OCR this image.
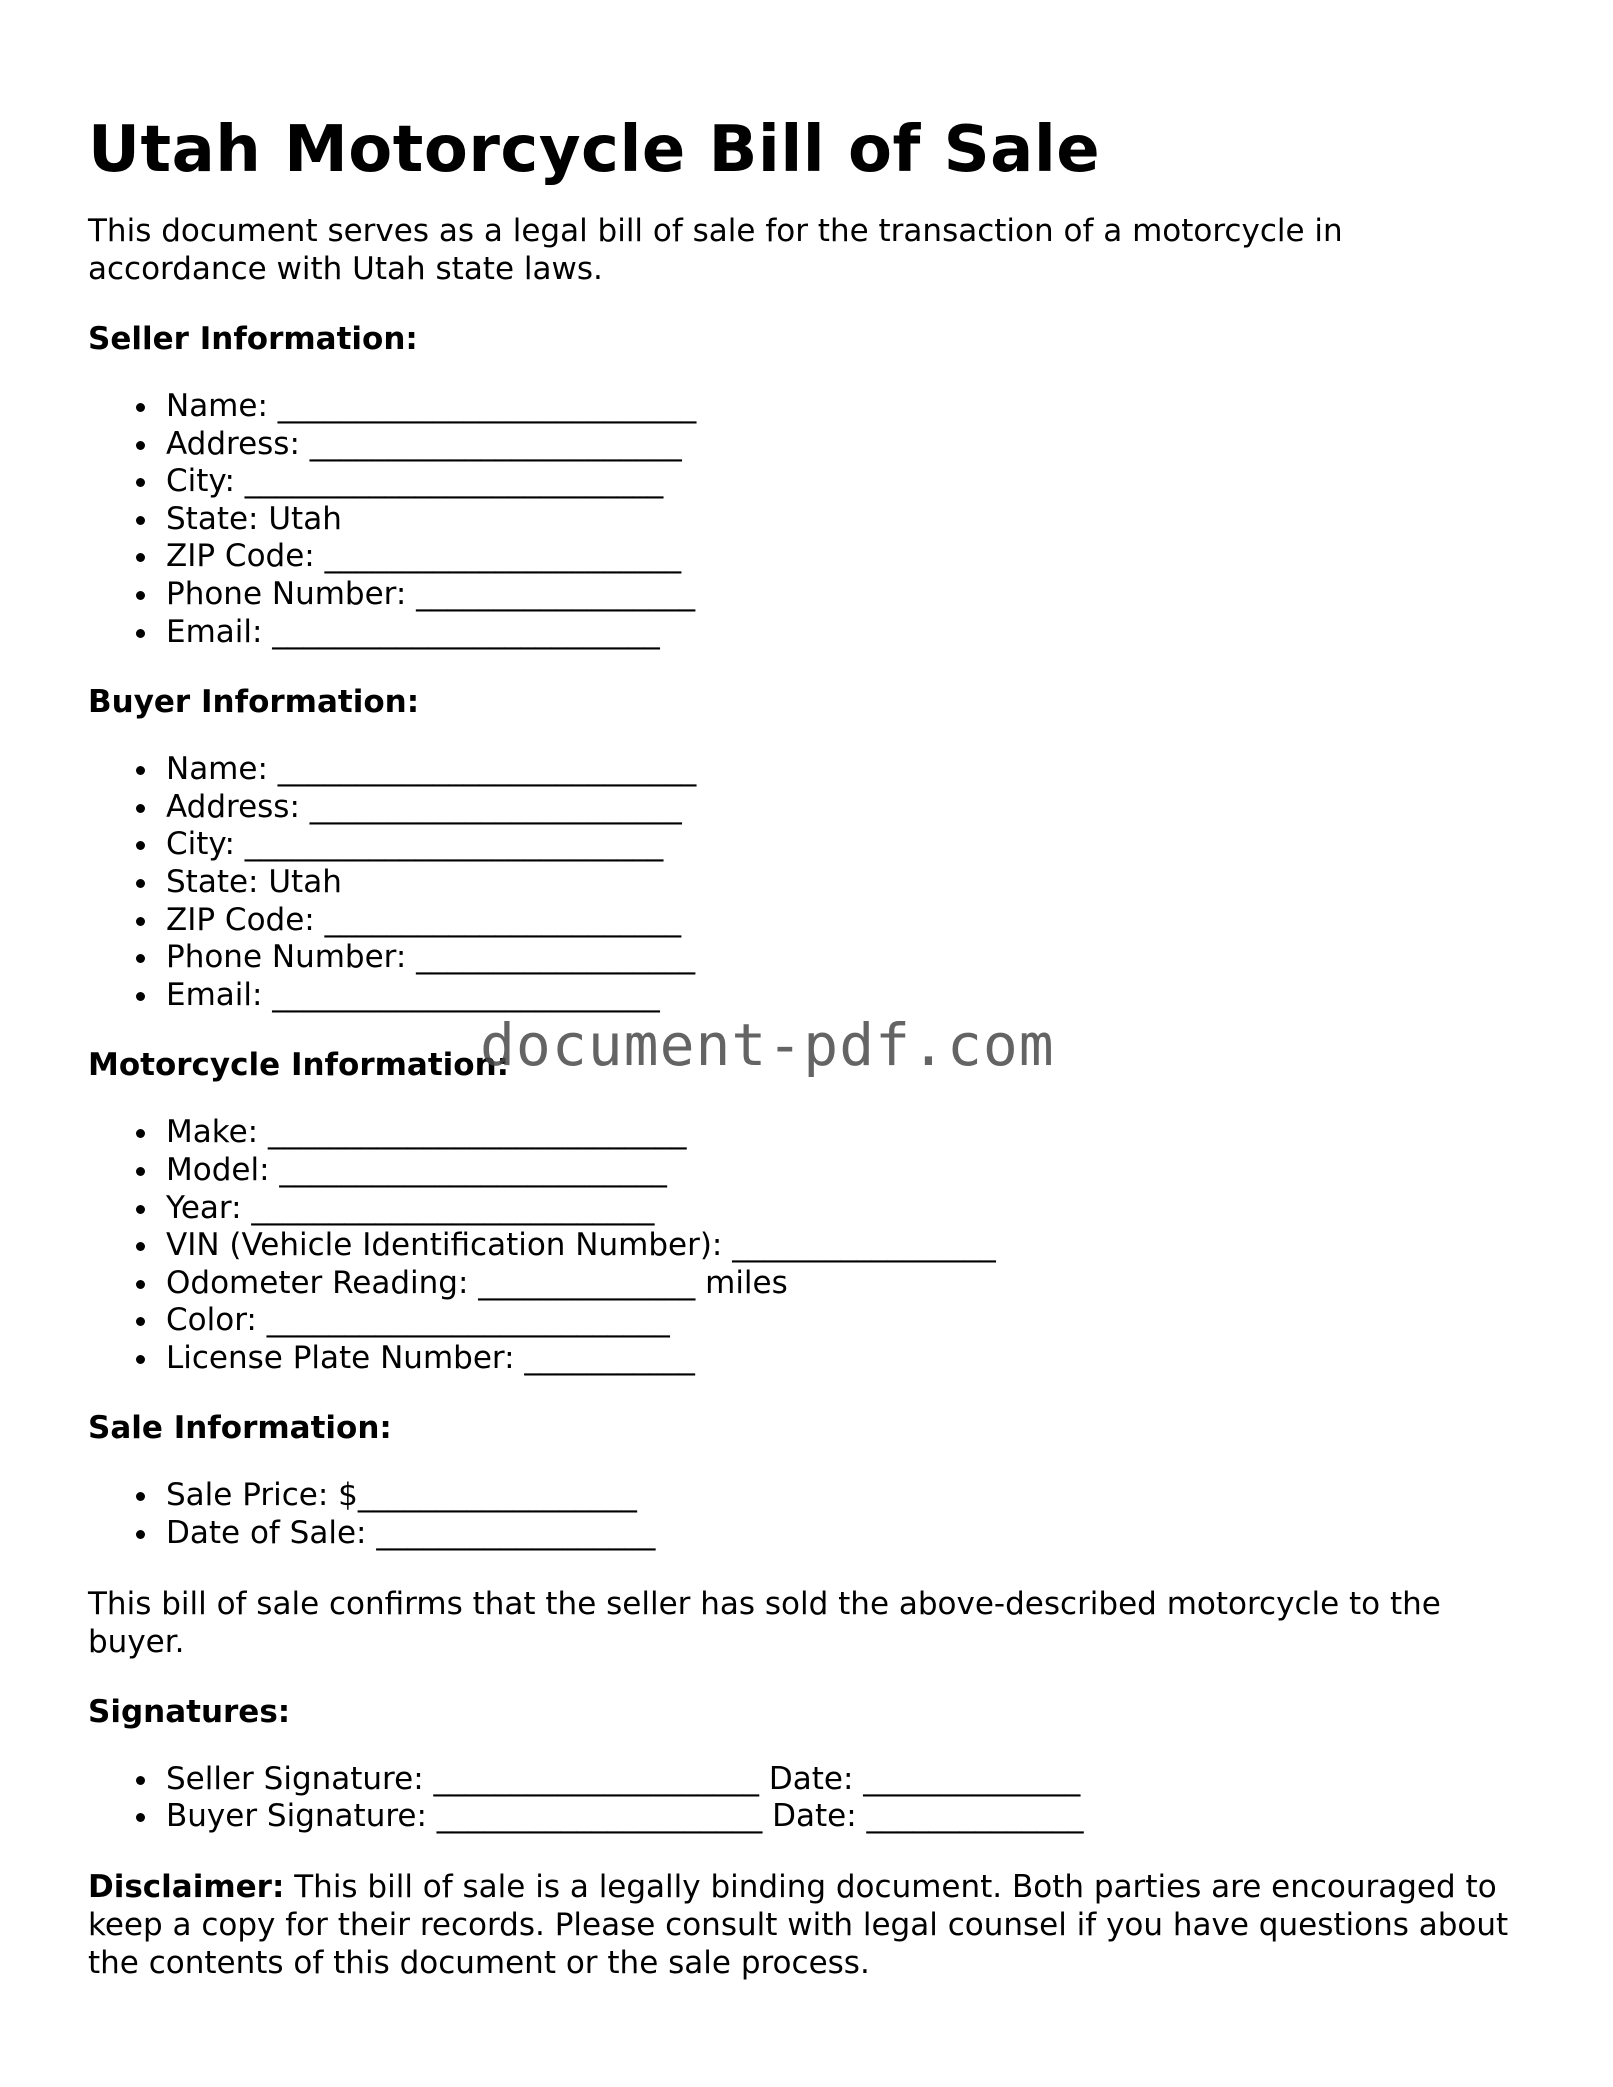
Utah Motorcycle Bill of Sale

This document serves as a legal bill of sale for the transaction of a motorcycle in accordance with Utah state laws.

Seller Information:
Name: ___________________________
Address: ________________________
City: ___________________________
State: Utah
ZIP Code: _______________________
Phone Number: __________________
Email: _________________________
Buyer Information:
Name: ___________________________
Address: ________________________
City: ___________________________
State: Utah
ZIP Code: _______________________
Phone Number: __________________
Email: _________________________
Motorcycle Information:
Make: ___________________________
Model: _________________________
Year: __________________________
VIN (Vehicle Identification Number): _________________
Odometer Reading: ______________ miles
Color: __________________________
License Plate Number: ___________
Sale Information:
Sale Price: $__________________
Date of Sale: __________________

This bill of sale confirms that the seller has sold the above-described motorcycle to the buyer.

Signatures:
Seller Signature: _____________________ Date: ______________
Buyer Signature: _____________________ Date: ______________

Disclaimer: This bill of sale is a legally binding document. Both parties are encouraged to keep a copy for their records. Please consult with legal counsel if you have questions about the contents of this document or the sale process.

document-pdf.com
